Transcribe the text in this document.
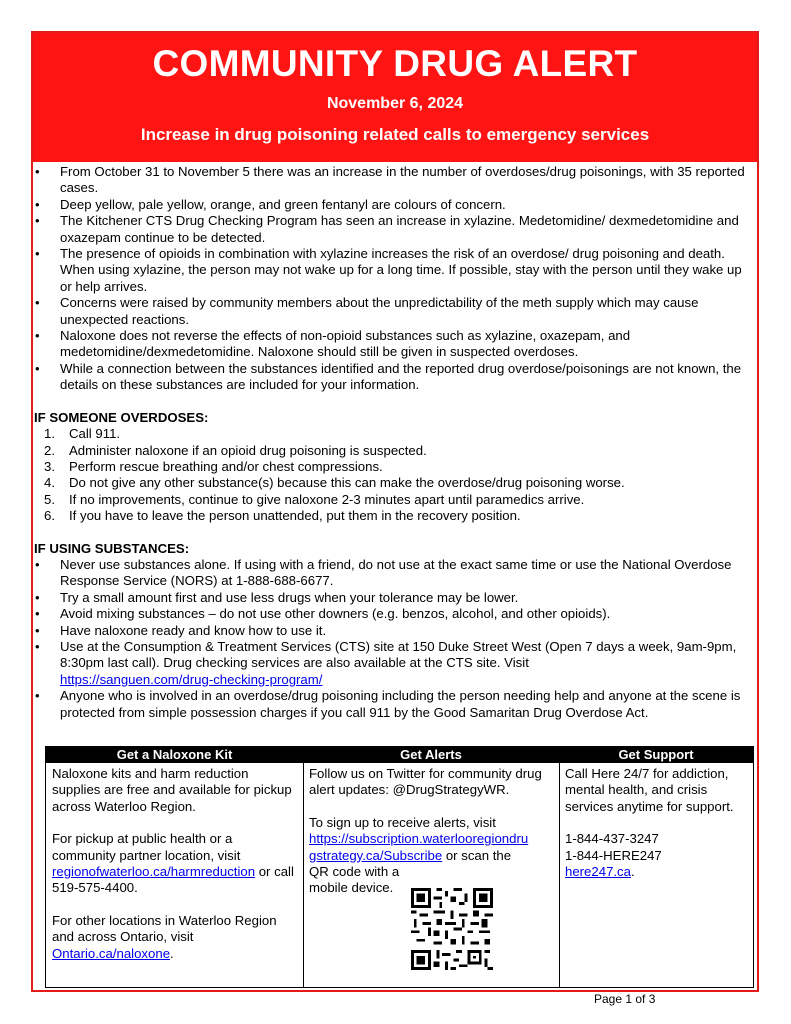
COMMUNITY DRUG ALERT
November 6, 2024
Increase in drug poisoning related calls to emergency services
• From October 31 to November 5 there was an increase in the number of overdoses/drug poisonings, with 35 reported cases.
• Deep yellow, pale yellow, orange, and green fentanyl are colours of concern.
• The Kitchener CTS Drug Checking Program has seen an increase in xylazine. Medetomidine/ dexmedetomidine and oxazepam continue to be detected.
• The presence of opioids in combination with xylazine increases the risk of an overdose/ drug poisoning and death. When using xylazine, the person may not wake up for a long time. If possible, stay with the person until they wake up or help arrives.
• Concerns were raised by community members about the unpredictability of the meth supply which may cause unexpected reactions.
• Naloxone does not reverse the effects of non-opioid substances such as xylazine, oxazepam, and medetomidine/dexmedetomidine. Naloxone should still be given in suspected overdoses.
• While a connection between the substances identified and the reported drug overdose/poisonings are not known, the details on these substances are included for your information.
IF SOMEONE OVERDOSES:
1. Call 911.
2. Administer naloxone if an opioid drug poisoning is suspected.
3. Perform rescue breathing and/or chest compressions.
4. Do not give any other substance(s) because this can make the overdose/drug poisoning worse.
5. If no improvements, continue to give naloxone 2-3 minutes apart until paramedics arrive.
6. If you have to leave the person unattended, put them in the recovery position.
IF USING SUBSTANCES:
• Never use substances alone. If using with a friend, do not use at the exact same time or use the National Overdose Response Service (NORS) at 1-888-688-6677.
• Try a small amount first and use less drugs when your tolerance may be lower.
• Avoid mixing substances – do not use other downers (e.g. benzos, alcohol, and other opioids).
• Have naloxone ready and know how to use it.
• Use at the Consumption & Treatment Services (CTS) site at 150 Duke Street West (Open 7 days a week, 9am-9pm, 8:30pm last call). Drug checking services are also available at the CTS site. Visit
https://sanguen.com/drug-checking-program/
• Anyone who is involved in an overdose/drug poisoning including the person needing help and anyone at the scene is protected from simple possession charges if you call 911 by the Good Samaritan Drug Overdose Act.
Get a Naloxone Kit

Naloxone kits and harm reduction supplies are free and available for pickup across Waterloo Region.

For pickup at public health or a community partner location, visit regionofwaterloo.ca/harmreduction or call 519-575-4400.

For other locations in Waterloo Region and across Ontario, visit Ontario.ca/naloxone.

Get Alerts

Follow us on Twitter for community drug alert updates: @DrugStrategyWR.

To sign up to receive alerts, visit
https://subscription.waterlooregiondru
gstrategy.ca/Subscribe or scan the
QR code with a
mobile device.

Get Support

Call Here 24/7 for addiction, mental health, and crisis services anytime for support.

1-844-437-3247
1-844-HERE247
here247.ca.
Page 1 of 3
